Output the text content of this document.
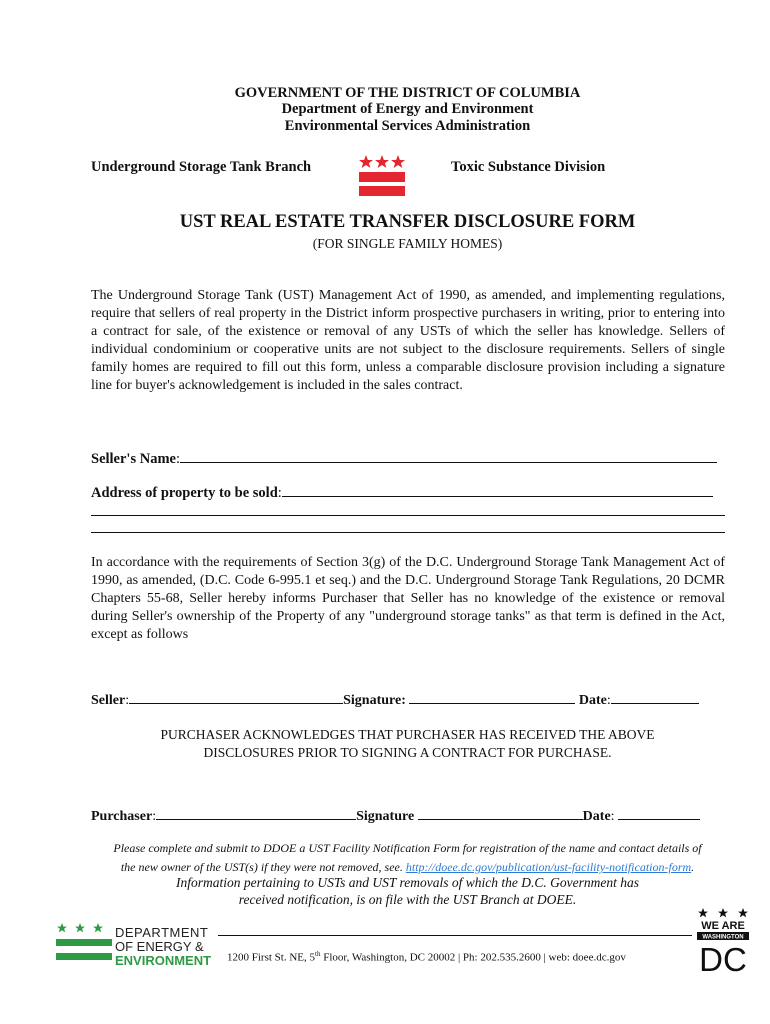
GOVERNMENT OF THE DISTRICT OF COLUMBIA
Department of Energy and Environment
Environmental Services Administration
Underground Storage Tank Branch	Toxic Substance Division
UST REAL ESTATE TRANSFER DISCLOSURE FORM
(FOR SINGLE FAMILY HOMES)
The Underground Storage Tank (UST) Management Act of 1990, as amended, and implementing regulations, require that sellers of real property in the District inform prospective purchasers in writing, prior to entering into a contract for sale, of the existence or removal of any USTs of which the seller has knowledge. Sellers of individual condominium or cooperative units are not subject to the disclosure requirements. Sellers of single family homes are required to fill out this form, unless a comparable disclosure provision including a signature line for buyer's acknowledgement is included in the sales contract.
Seller's Name:
Address of property to be sold:
In accordance with the requirements of Section 3(g) of the D.C. Underground Storage Tank Management Act of 1990, as amended, (D.C. Code 6-995.1 et seq.) and the D.C. Underground Storage Tank Regulations, 20 DCMR Chapters 55-68, Seller hereby informs Purchaser that Seller has no knowledge of the existence or removal during Seller's ownership of the Property of any "underground storage tanks" as that term is defined in the Act, except as follows
Seller:	Signature:	Date:
PURCHASER ACKNOWLEDGES THAT PURCHASER HAS RECEIVED THE ABOVE
DISCLOSURES PRIOR TO SIGNING A CONTRACT FOR PURCHASE.
Purchaser:	Signature	Date:
Please complete and submit to DDOE a UST Facility Notification Form for registration of the name and contact details of
the new owner of the UST(s) if they were not removed, see. http://doee.dc.gov/publication/ust-facility-notification-form.
Information pertaining to USTs and UST removals of which the D.C. Government has
received notification, is on file with the UST Branch at DOEE.
DEPARTMENT
OF ENERGY &
ENVIRONMENT 1200 First St. NE, 5th Floor, Washington, DC 20002 | Ph: 202.535.2600 | web: doee.dc.gov
WE ARE
WASHINGTON
DC
